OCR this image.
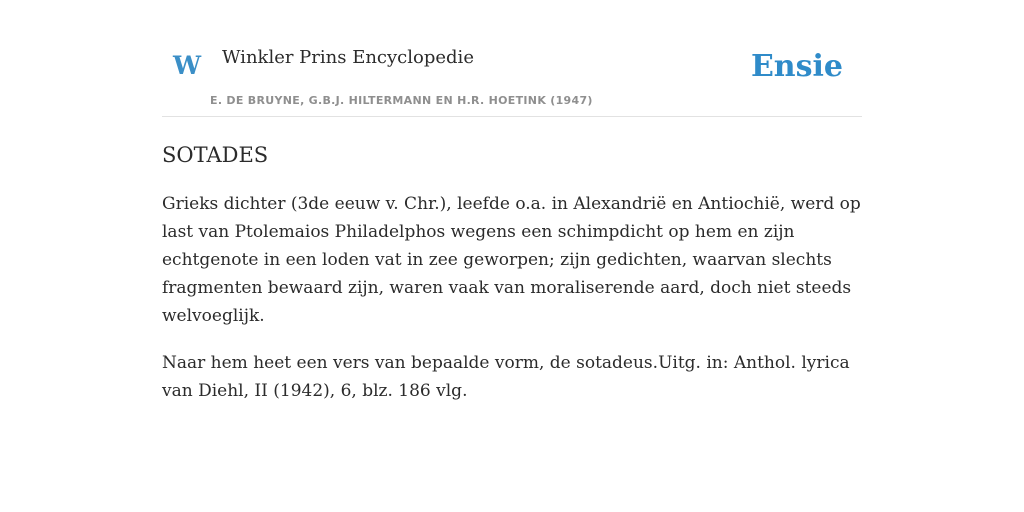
W Winkler Prins Encyclopedie
E. DE BRUYNE, G.B.J. HILTERMANN EN H.R. HOETINK (1947)
Ensie
SOTADES

Grieks dichter (3de eeuw v. Chr.), leefde o.a. in Alexandrië en Antiochië, werd op last van Ptolemaios Philadelphos wegens een schimpdicht op hem en zijn echtgenote in een loden vat in zee geworpen; zijn gedichten, waarvan slechts fragmenten bewaard zijn, waren vaak van moraliserende aard, doch niet steeds welvoeglijk.

Naar hem heet een vers van bepaalde vorm, de sotadeus.Uitg. in: Anthol. lyrica van Diehl, II (1942), 6, blz. 186 vlg.
